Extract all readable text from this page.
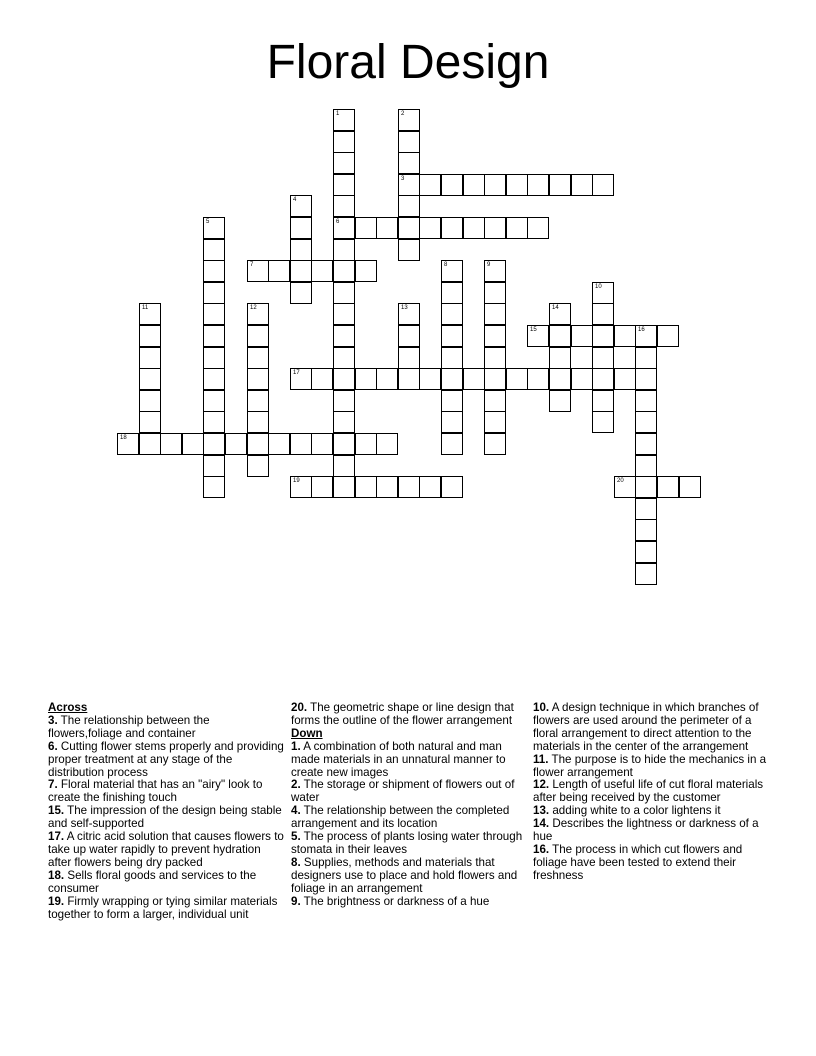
Floral Design
3
6
7
15	16
17
18
19	20
1	2
4
5
8	9
10
11	12	13	14
Across
3. The relationship between the flowers,foliage and container
6. Cutting flower stems properly and providing proper treatment at any stage of the distribution process
7. Floral material that has an "airy" look to create the finishing touch
15. The impression of the design being stable and self-supported
17. A citric acid solution that causes flowers to take up water rapidly to prevent hydration after flowers being dry packed
18. Sells floral goods and services to the consumer
19. Firmly wrapping or tying similar materials together to form a larger, individual unit
20. The geometric shape or line design that forms the outline of the flower arrangement
Down
1. A combination of both natural and man made materials in an unnatural manner to create new images
2. The storage or shipment of flowers out of water
4. The relationship between the completed arrangement and its location
5. The process of plants losing water through stomata in their leaves
8. Supplies, methods and materials that designers use to place and hold flowers and foliage in an arrangement
9. The brightness or darkness of a hue
10. A design technique in which branches of flowers are used around the perimeter of a floral arrangement to direct attention to the materials in the center of the arrangement
11. The purpose is to hide the mechanics in a flower arrangement
12. Length of useful life of cut floral materials after being received by the customer
13. adding white to a color lightens it
14. Describes the lightness or darkness of a hue
16. The process in which cut flowers and foliage have been tested to extend their freshness
